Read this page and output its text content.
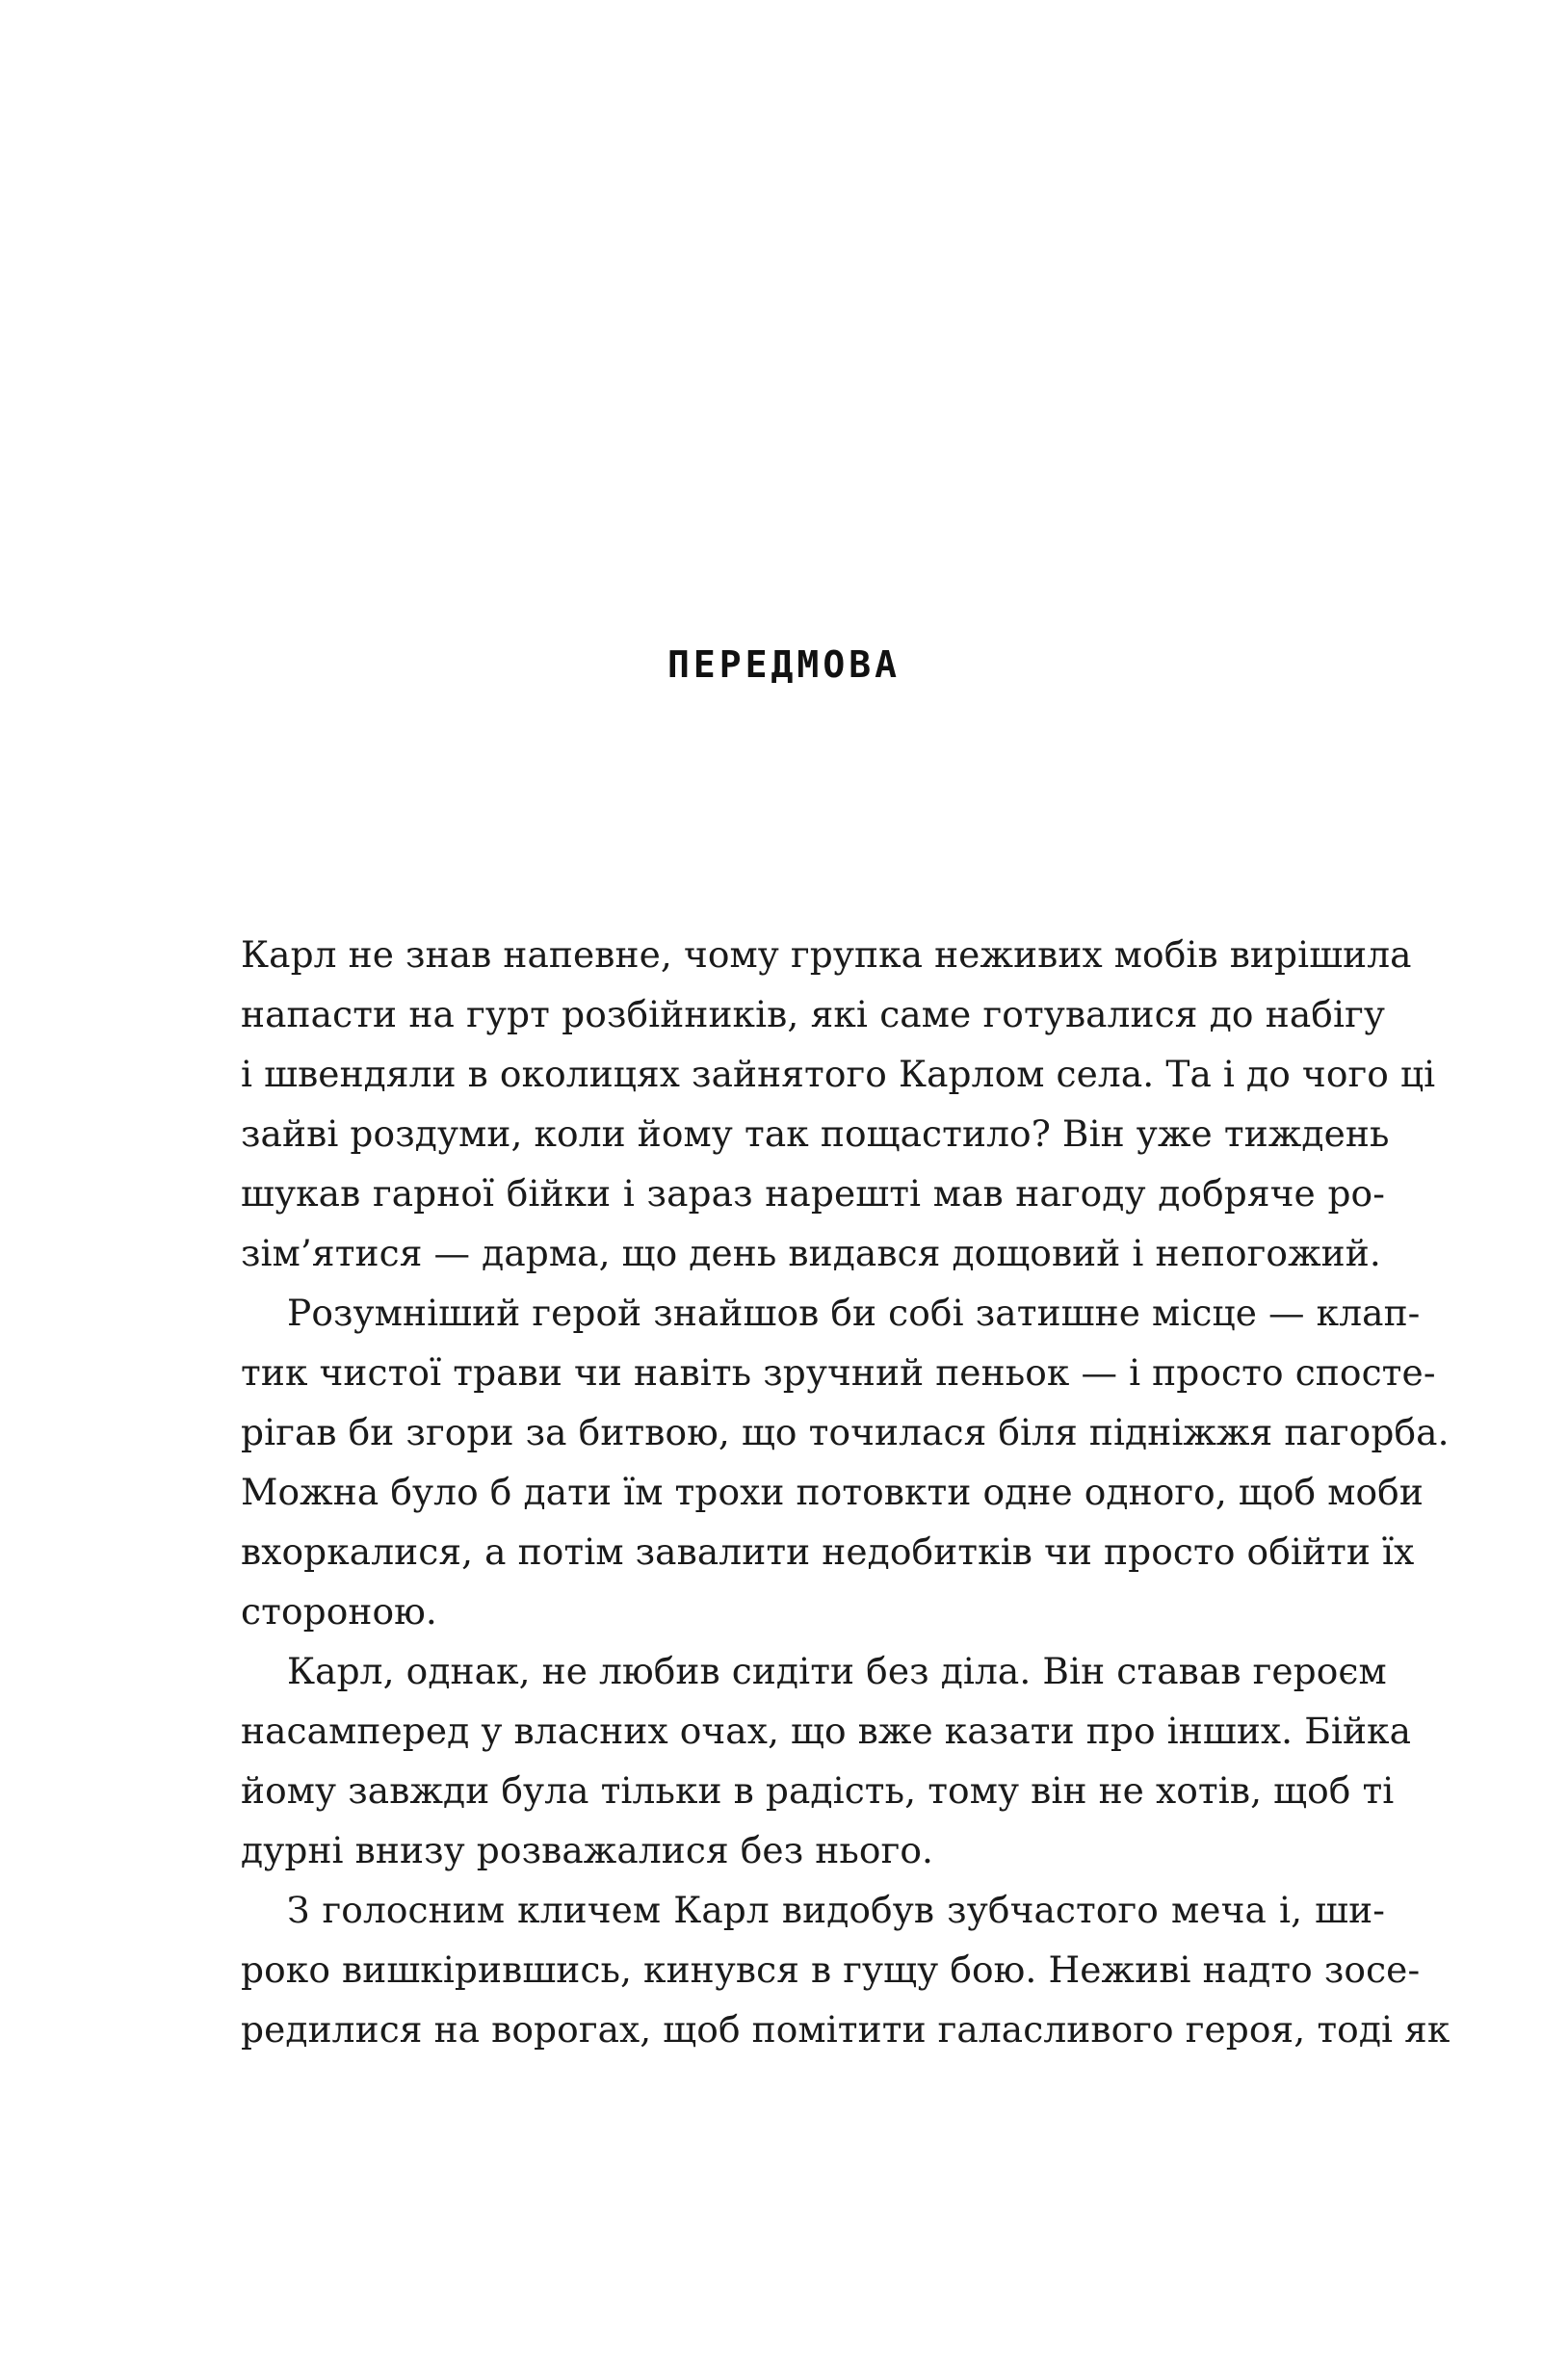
ПЕРЕДМОВА
Карл не знав напевне, чому групка неживих мобів вирішила
напасти на гурт розбійників, які саме готувалися до набігу
і швендяли в околицях зайнятого Карлом села. Та і до чого ці
зайві роздуми, коли йому так пощастило? Він уже тиждень
шукав гарної бійки і зараз нарешті мав нагоду добряче ро-
зім’ятися — дарма, що день видався дощовий і непогожий.
Розумніший герой знайшов би собі затишне місце — клап-
тик чистої трави чи навіть зручний пеньок — і просто спосте-
рігав би згори за битвою, що точилася біля підніжжя пагорба.
Можна було б дати їм трохи потовкти одне одного, щоб моби
вхоркалися, а потім завалити недобитків чи просто обійти їх
стороною.
Карл, однак, не любив сидіти без діла. Він ставав героєм
насамперед у власних очах, що вже казати про інших. Бійка
йому завжди була тільки в радість, тому він не хотів, щоб ті
дурні внизу розважалися без нього.
З голосним кличем Карл видобув зубчастого меча і, ши-
роко вишкірившись, кинувся в гущу бою. Неживі надто зосе-
редилися на ворогах, щоб помітити галасливого героя, тоді як
